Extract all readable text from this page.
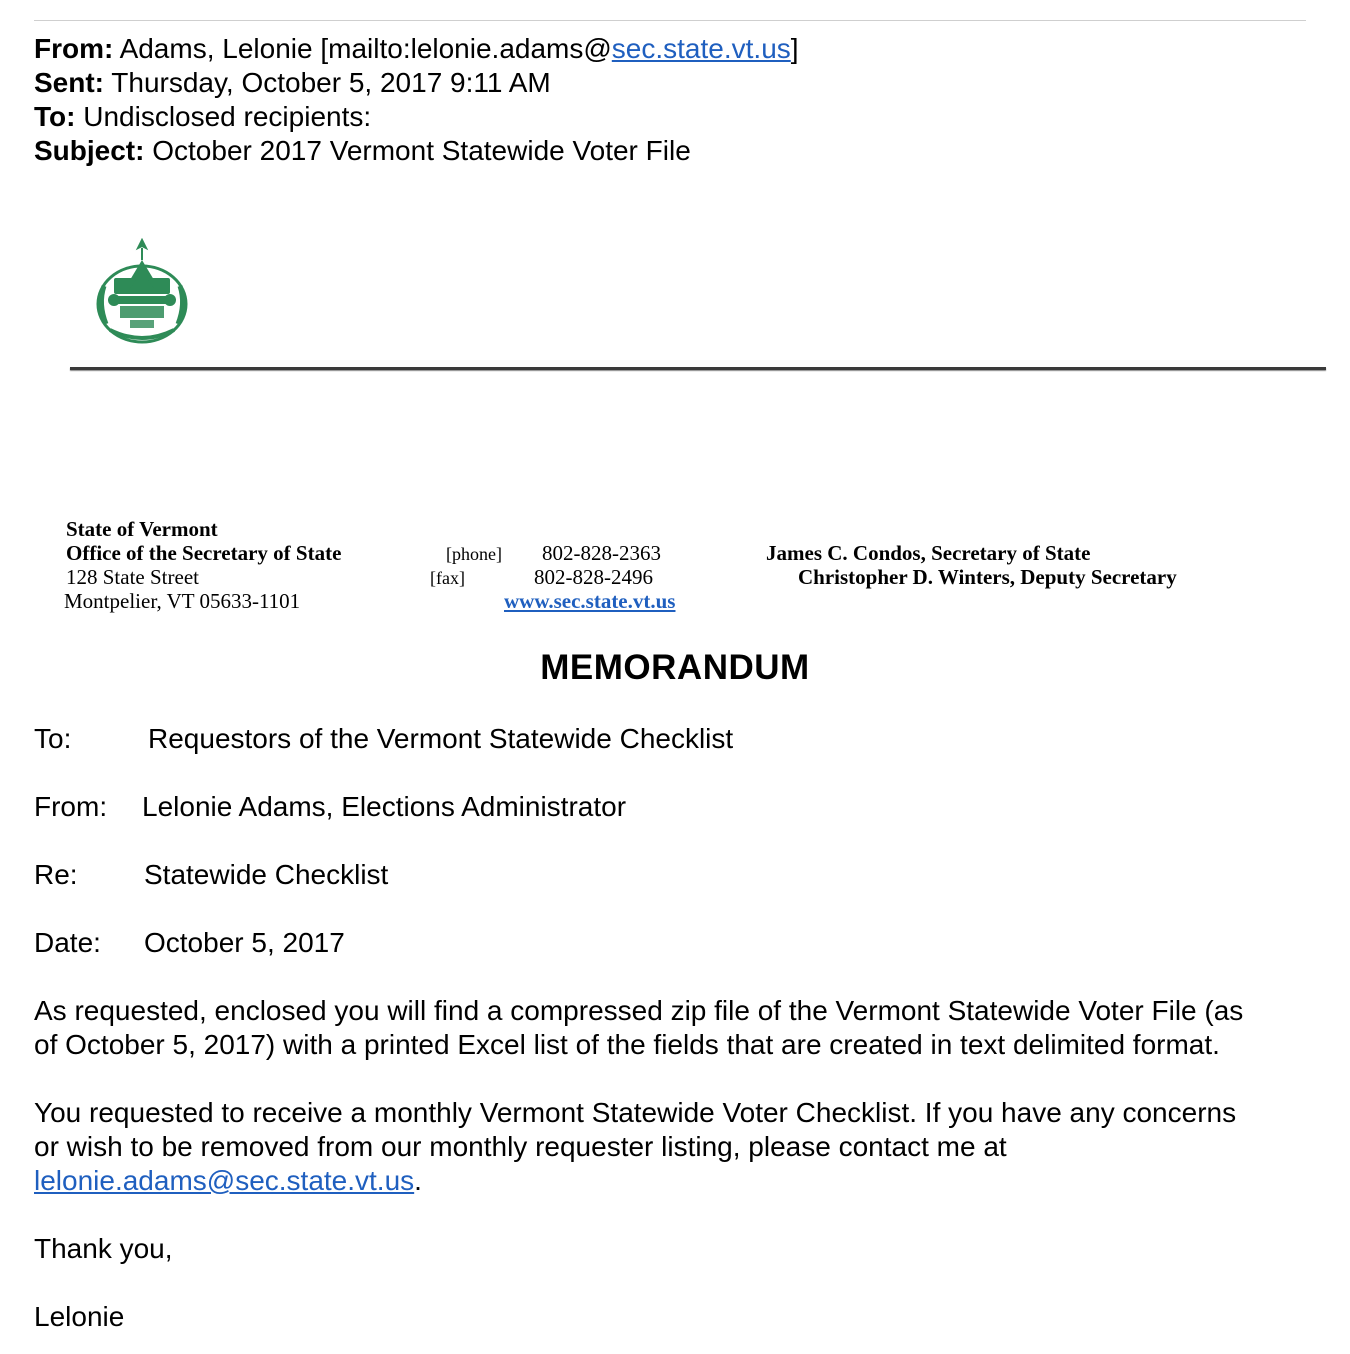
From: Adams, Lelonie [mailto:lelonie.adams@sec.state.vt.us]
Sent: Thursday, October 5, 2017 9:11 AM
To: Undisclosed recipients:
Subject: October 2017 Vermont Statewide Voter File
State of Vermont
Office of the Secretary of State
128 State Street
Montpelier, VT 05633-1101
[phone] 802-828-2363
[fax]	802-828-2496
www.sec.state.vt.us
James C. Condos, Secretary of State
Christopher D. Winters, Deputy Secretary
MEMORANDUM
To:	Requestors of the Vermont Statewide Checklist
From: Lelonie Adams, Elections Administrator
Re: Statewide Checklist
Date: October 5, 2017
As requested, enclosed you will find a compressed zip file of the Vermont Statewide Voter File (as
of October 5, 2017) with a printed Excel list of the fields that are created in text delimited format.
You requested to receive a monthly Vermont Statewide Voter Checklist. If you have any concerns
or wish to be removed from our monthly requester listing, please contact me at
lelonie.adams@sec.state.vt.us.
Thank you,
Lelonie
